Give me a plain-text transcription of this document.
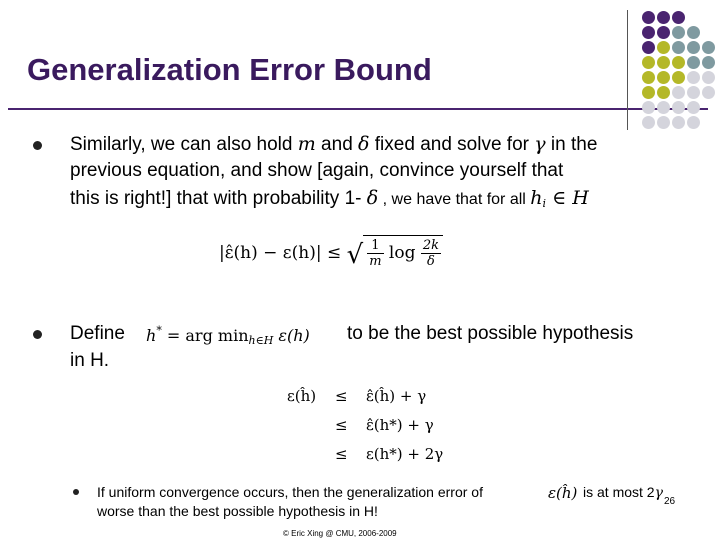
Generalization Error Bound
Similarly, we can also hold m and δ fixed and solve for γ in the
previous equation, and show [again, convince yourself that
this is right!] that with probability 1- δ , we have that for all $h_i$ ∈ H
|ε̂(h) − ε(h)| ≤ √ $\frac{1}{m}$ $\log \frac{2k}{\delta}$
Define h* = arg $\min_{h\in H} \varepsilon(h)$ to be the best possible hypothesis
in H.
ε(ĥ) ≤ ε̂(ĥ) + γ
≤ ε̂(h*) + γ
≤ ε(h*) + 2γ
If uniform convergence occurs, then the generalization error of	ε(ĥ) is at most 2γ
worse than the best possible hypothesis in H!
26
© Eric Xing @ CMU, 2006-2009
